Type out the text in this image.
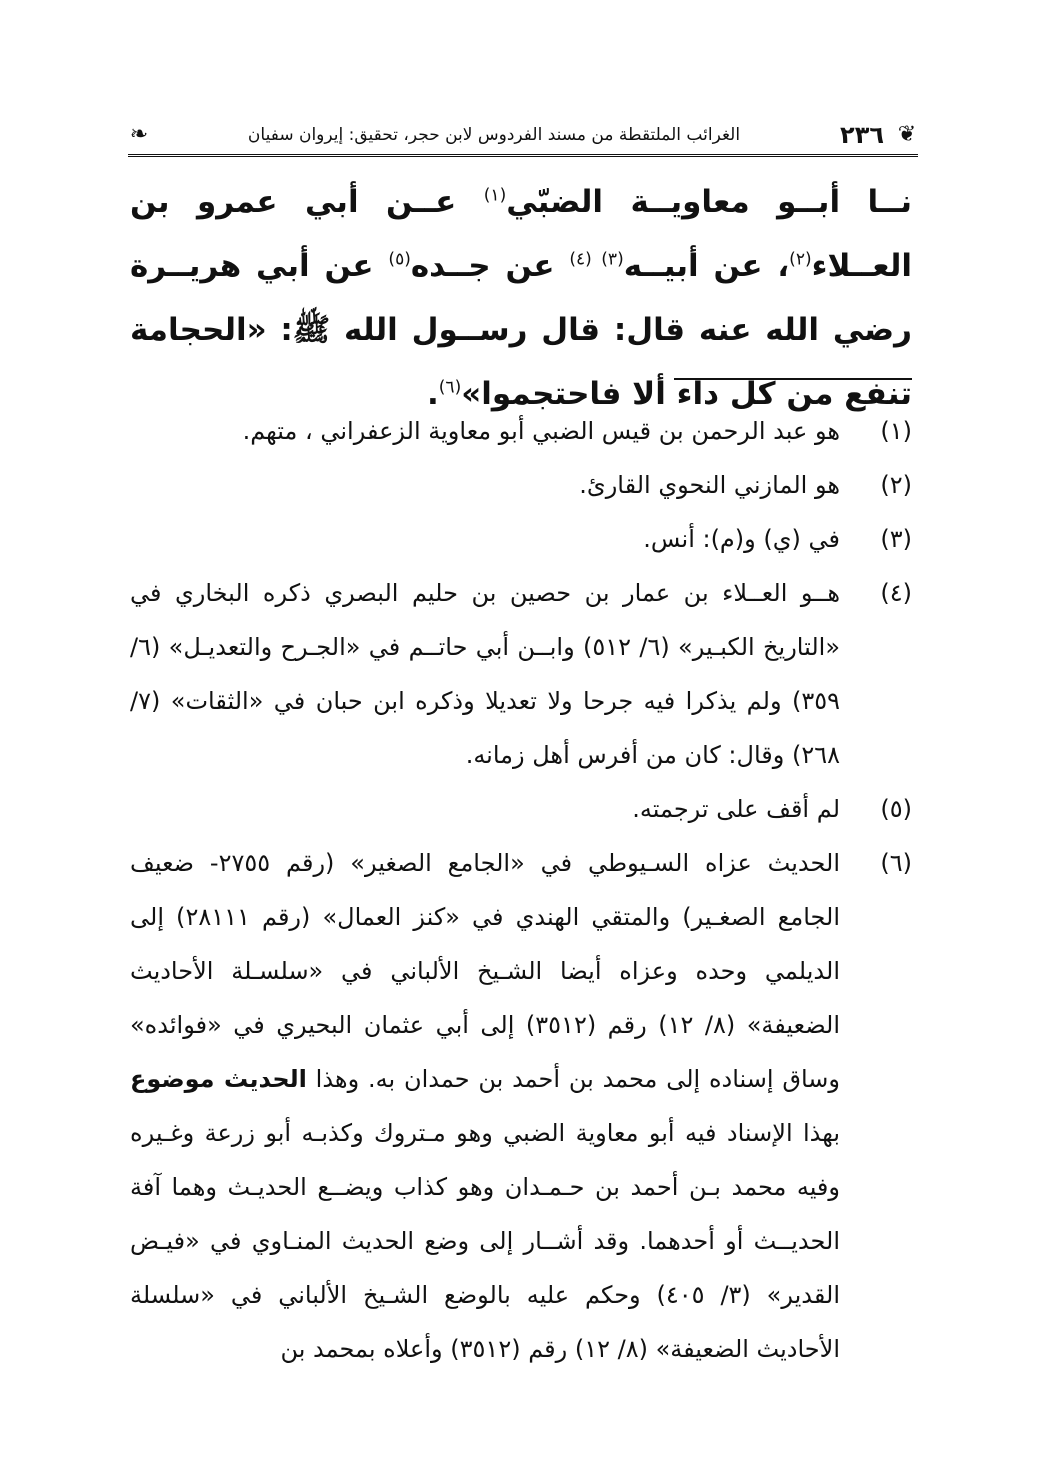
❦
٢٣٦
الغرائب الملتقطة من مسند الفردوس لابن حجر، تحقيق: إيروان سفيان
❧
نــا أبــو معاويــة الضبّي$^{(١)}$ عــن أبي عمرو بن العــلاء$^{(٢)}$، عن أبيــه$^{(٣) (٤)}$ عن جــده$^{(٥)}$ عن أبي هريــرة رضي الله عنه قال: قال رســول الله ﷺ: «الحجامة تنفع من كل داء ألا فاحتجموا»$^{(٦)}$.
(١)
هو عبد الرحمن بن قيس الضبي أبو معاوية الزعفراني ، متهم.
(٢)
هو المازني النحوي القارئ.
(٣)
في (ي) و(م): أنس.
(٤)
هــو العــلاء بن عمار بن حصين بن حليم البصري ذكره البخاري في «التاريخ الكبـير» (٦/ ٥١٢) وابــن أبي حاتــم في «الجـرح والتعديـل» (٦/ ٣٥٩) ولم يذكرا فيه جرحا ولا تعديلا وذكره ابن حبان في «الثقات» (٧/ ٢٦٨) وقال: كان من أفرس أهل زمانه.
(٥)
لم أقف على ترجمته.
(٦)
الحديث عزاه السـيوطي في «الجامع الصغير» (رقم ٢٧٥٥- ضعيف الجامع الصغـير) والمتقي الهندي في «كنز العمال» (رقم ٢٨١١١) إلى الديلمي وحده وعزاه أيضا الشـيخ الألباني في «سلسـلة الأحاديث الضعيفة» (٨/ ١٢) رقم (٣٥١٢) إلى أبي عثمان البحيري في «فوائده» وساق إسناده إلى محمد بن أحمد بن حمدان به. وهذا الحديث موضوع بهذا الإسناد فيه أبو معاوية الضبي وهو مـتروك وكذبـه أبو زرعة وغـيره وفيه محمد بـن أحمد بن حـمـدان وهو كذاب ويضــع الحديـث وهما آفة الحديــث أو أحدهما. وقد أشــار إلى وضع الحديث المنـاوي في «فيـض القدير» (٣/ ٤٠٥) وحكم عليه بالوضع الشـيخ الألباني في «سلسلة الأحاديث الضعيفة» (٨/ ١٢) رقم (٣٥١٢) وأعلاه بمحمد بن
